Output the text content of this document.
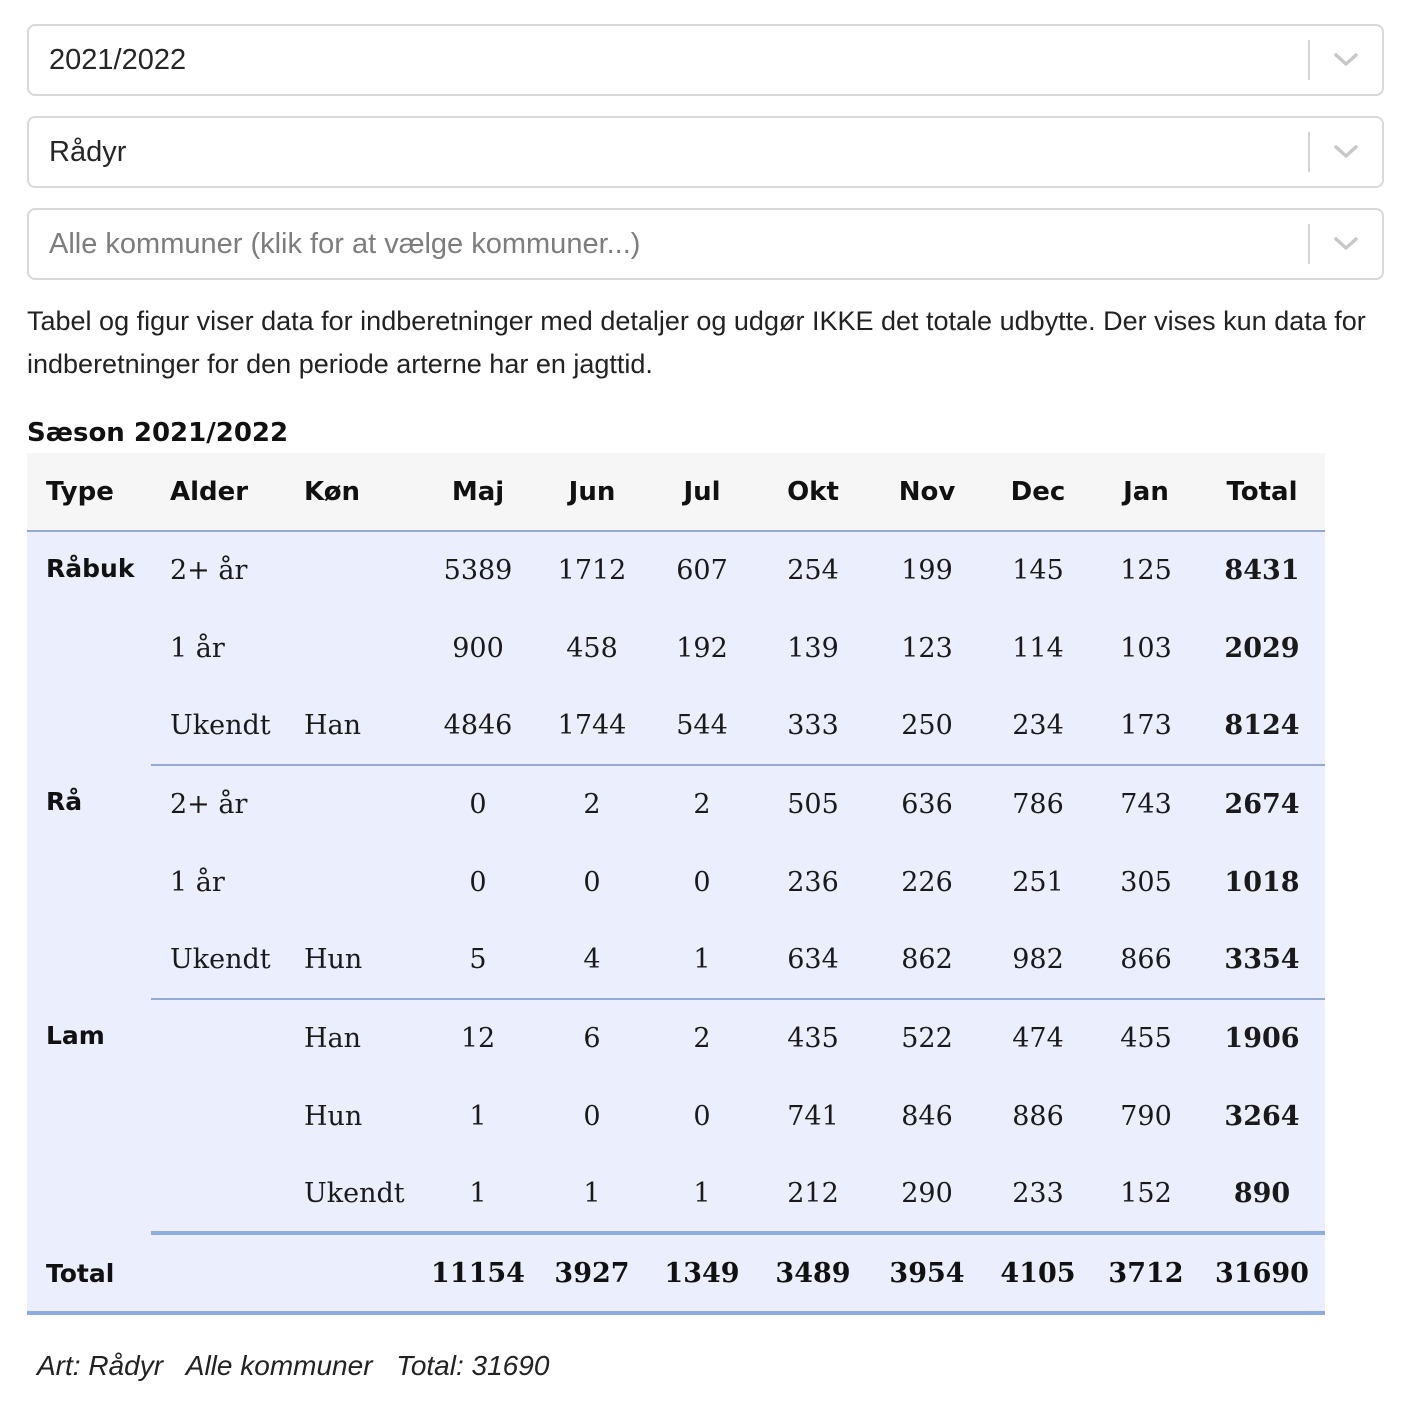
2021/2022
Rådyr
Alle kommuner (klik for at vælge kommuner...)
Tabel og figur viser data for indberetninger med detaljer og udgør IKKE det totale udbytte. Der vises kun data for indberetninger for den periode arterne har en jagttid.
Sæson 2021/2022
Type	Alder	Køn	Maj	Jun	Jul	Okt	Nov	Dec	Jan	Total
Råbuk	2+ år		5389	1712	607	254	199	145	125	8431
	1 år		900	458	192	139	123	114	103	2029
	Ukendt	Han	4846	1744	544	333	250	234	173	8124
Rå	2+ år		0	2	2	505	636	786	743	2674
	1 år		0	0	0	236	226	251	305	1018
	Ukendt	Hun	5	4	1	634	862	982	866	3354
Lam		Han	12	6	2	435	522	474	455	1906
		Hun	1	0	0	741	846	886	790	3264
		Ukendt	1	1	1	212	290	233	152	890
Total			11154	3927	1349	3489	3954	4105	3712	31690
Art: Rådyr Alle kommuner Total: 31690
